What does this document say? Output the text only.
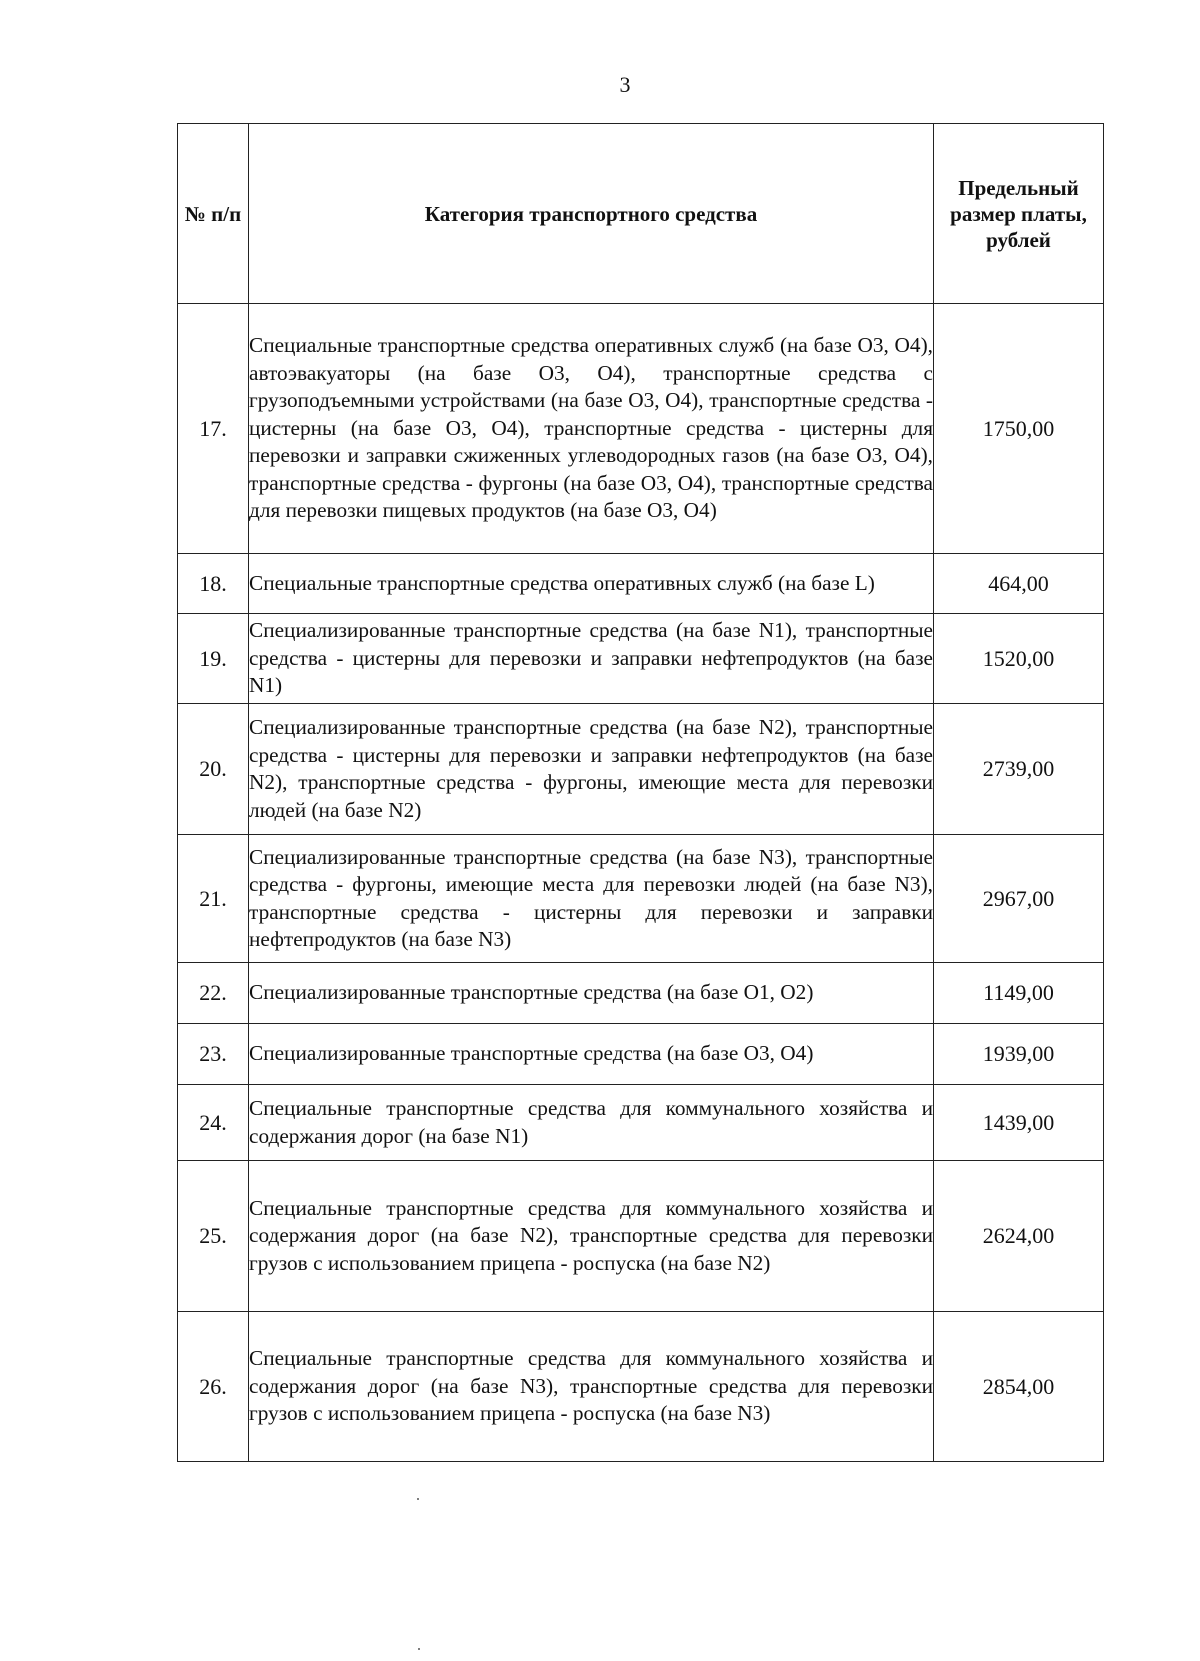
3
№ п/п	Категория транспортного средства	Предельный размер платы, рублей
17.	Специальные транспортные средства оперативных служб (на базе O3, O4), автоэвакуаторы (на базе O3, O4), транспортные средства с грузоподъемными устройствами (на базе O3, O4), транспортные средства - цистерны (на базе O3, O4), транспортные средства - цистерны для перевозки и заправки сжиженных углеводородных газов (на базе O3, O4), транспортные средства - фургоны (на базе O3, O4), транспортные средства для перевозки пищевых продуктов (на базе O3, O4)	1750,00
18.	Специальные транспортные средства оперативных служб (на базе L)	464,00
19.	Специализированные транспортные средства (на базе N1), транспортные средства - цистерны для перевозки и заправки нефтепродуктов (на базе N1)	1520,00
20.	Специализированные транспортные средства (на базе N2), транспортные средства - цистерны для перевозки и заправки нефтепродуктов (на базе N2), транспортные средства - фургоны, имеющие места для перевозки людей (на базе N2)	2739,00
21.	Специализированные транспортные средства (на базе N3), транспортные средства - фургоны, имеющие места для перевозки людей (на базе N3), транспортные средства - цистерны для перевозки и заправки нефтепродуктов (на базе N3)	2967,00
22.	Специализированные транспортные средства (на базе O1, O2)	1149,00
23.	Специализированные транспортные средства (на базе O3, O4)	1939,00
24.	Специальные транспортные средства для коммунального хозяйства и содержания дорог (на базе N1)	1439,00
25.	Специальные транспортные средства для коммунального хозяйства и содержания дорог (на базе N2), транспортные средства для перевозки грузов с использованием прицепа - роспуска (на базе N2)	2624,00
26.	Специальные транспортные средства для коммунального хозяйства и содержания дорог (на базе N3), транспортные средства для перевозки грузов с использованием прицепа - роспуска (на базе N3)	2854,00
